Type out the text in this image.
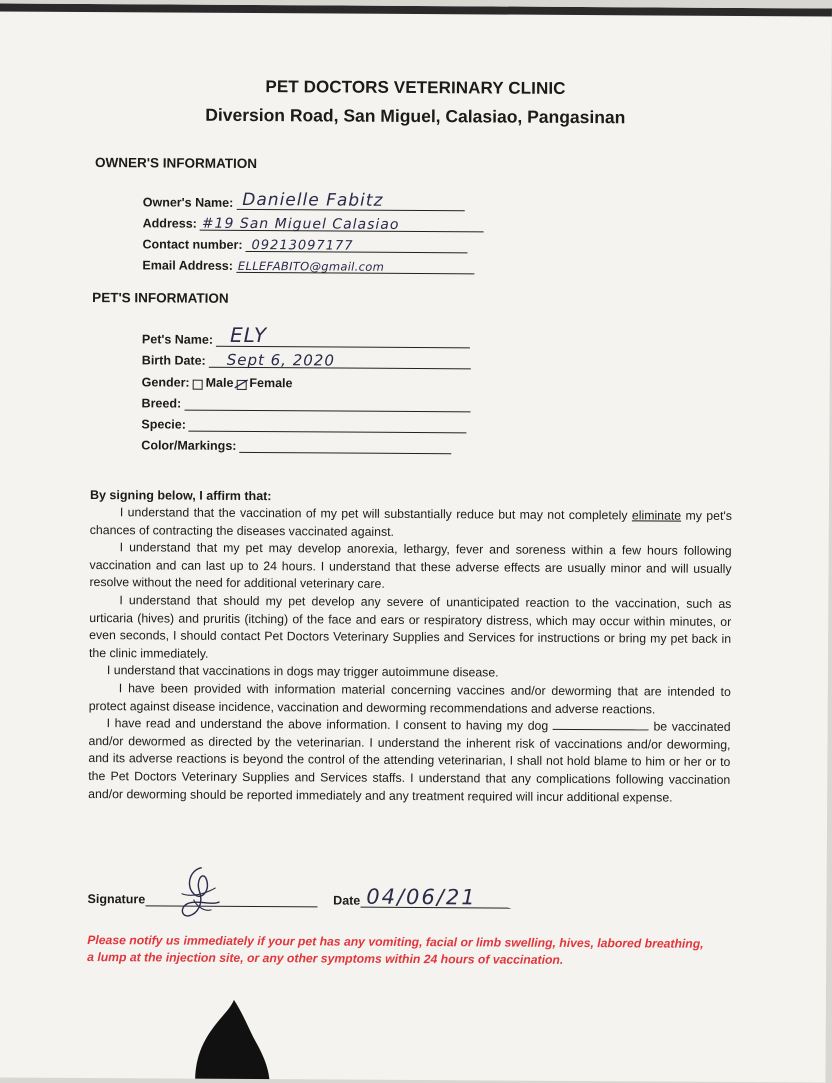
PET DOCTORS VETERINARY CLINIC
Diversion Road, San Miguel, Calasiao, Pangasinan
OWNER'S INFORMATION
Owner's Name: Danielle Fabitz
Address: #19 San Miguel Calasiao
Contact number: 09213097177
Email Address: ELLEFABITO@gmail.com
PET'S INFORMATION
Pet's Name: ELY
Birth Date: Sept 6, 2020
Gender: Male Female
Breed:
Specie:
Color/Markings:
By signing below, I affirm that:

I understand that the vaccination of my pet will substantially reduce but may not completely eliminate my pet's chances of contracting the diseases vaccinated against.

I understand that my pet may develop anorexia, lethargy, fever and soreness within a few hours following vaccination and can last up to 24 hours. I understand that these adverse effects are usually minor and will usually resolve without the need for additional veterinary care.

I understand that should my pet develop any severe of unanticipated reaction to the vaccination, such as urticaria (hives) and pruritis (itching) of the face and ears or respiratory distress, which may occur within minutes, or even seconds, I should contact Pet Doctors Veterinary Supplies and Services for instructions or bring my pet back in the clinic immediately.

I understand that vaccinations in dogs may trigger autoimmune disease.

I have been provided with information material concerning vaccines and/or deworming that are intended to protect against disease incidence, vaccination and deworming recommendations and adverse reactions.

I have read and understand the above information. I consent to having my dog	be vaccinated and/or dewormed as directed by the veterinarian. I understand the inherent risk of vaccinations and/or deworming, and its adverse reactions is beyond the control of the attending veterinarian, I shall not hold blame to him or her or to the Pet Doctors Veterinary Supplies and Services staffs. I understand that any complications following vaccination and/or deworming should be reported immediately and any treatment required will incur additional expense.

Signature	Date 04/06/21
Please notify us immediately if your pet has any vomiting, facial or limb swelling, hives, labored breathing, a lump at the injection site, or any other symptoms within 24 hours of vaccination.
